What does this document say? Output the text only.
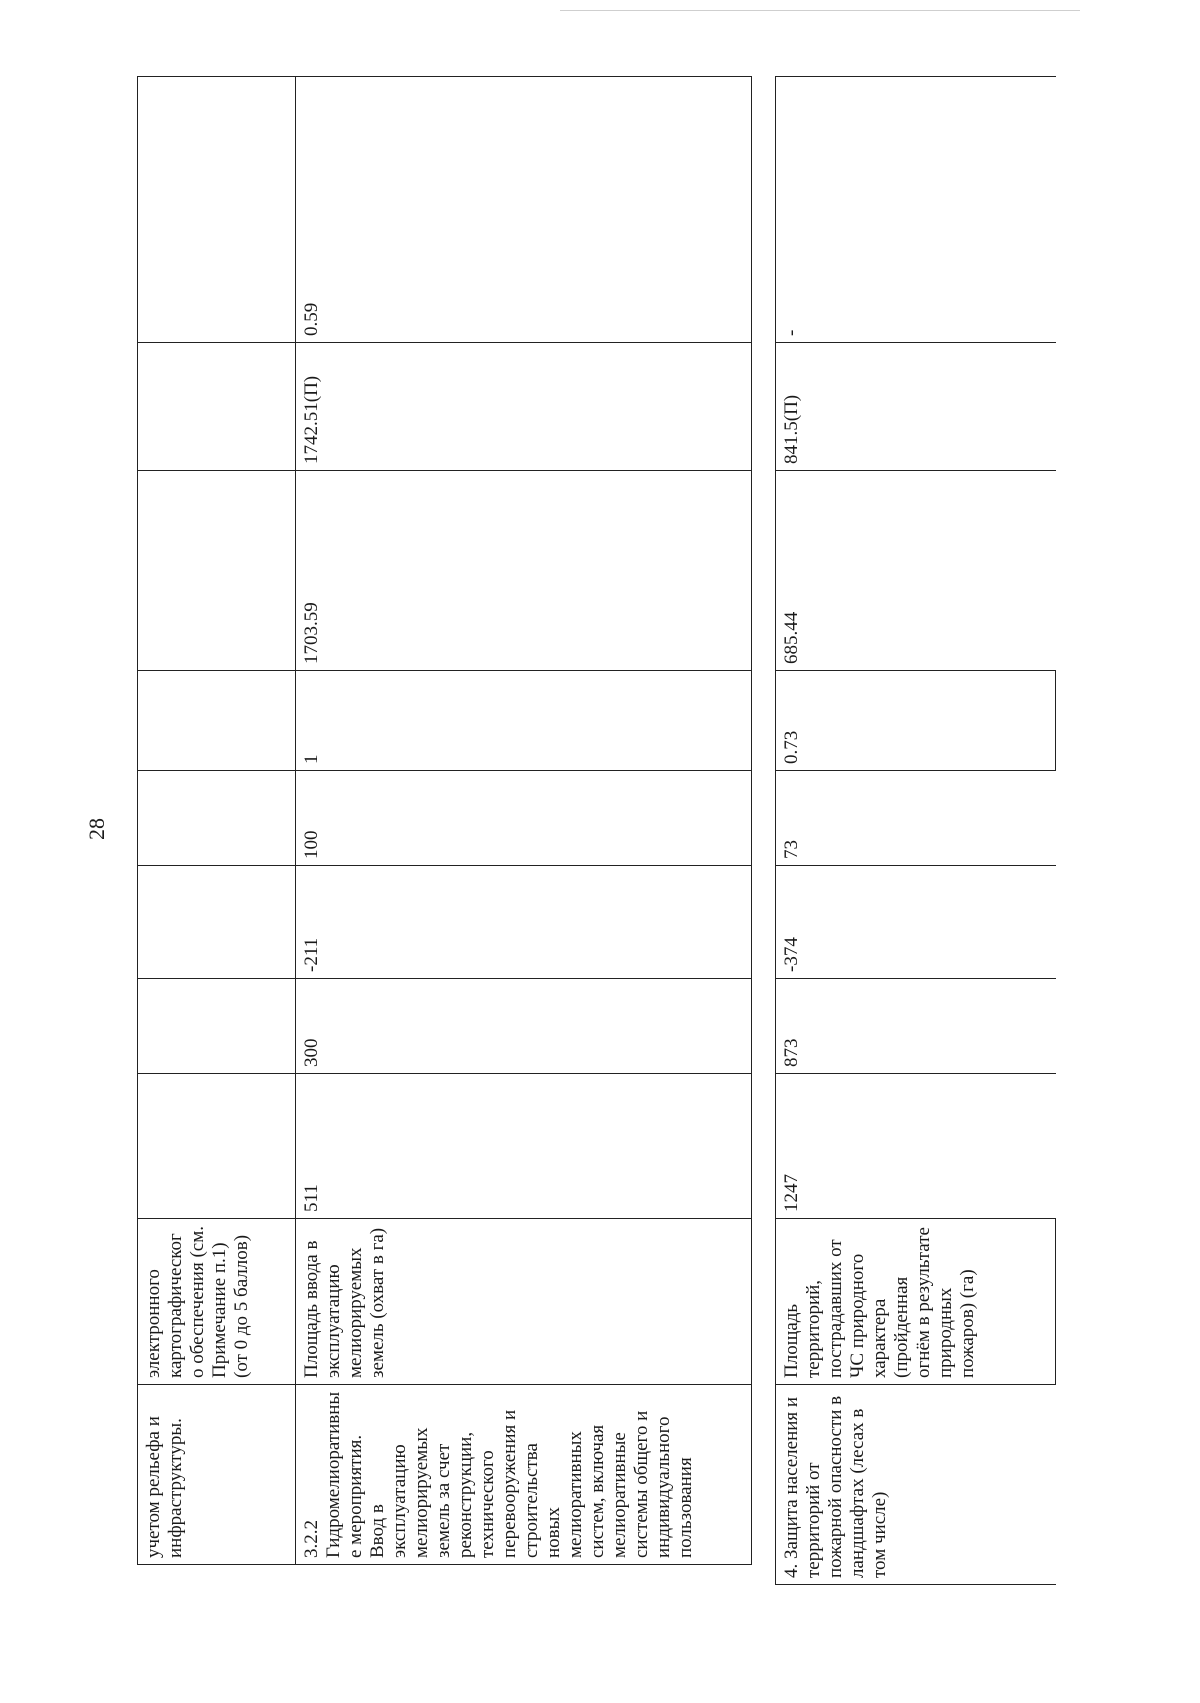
28
учетом рельефа и инфраструктуры.	электронного картографического обеспечения (см. Примечание п.1) (от 0 до 5 баллов)								
3.2.2 Гидромелиоративные мероприятия. Ввод в эксплуатацию мелиорируемых земель за счет реконструкции, технического перевооружения и строительства новых мелиоративных систем, включая мелиоративные системы общего и индивидуального пользования	Площадь ввода в эксплуатацию мелиорируемых земель (охват в га)	511	300	-211	100	1	1703.59	1742.51(П)	0.59
4. Защита населения и территорий от пожарной опасности в ландшафтах (лесах в том числе)	Площадь территорий, пострадавших от ЧС природного характера (пройденная огнём в результате природных пожаров) (га)	1247	873	-374	73	0.73	685.44	841.5(П)	-
